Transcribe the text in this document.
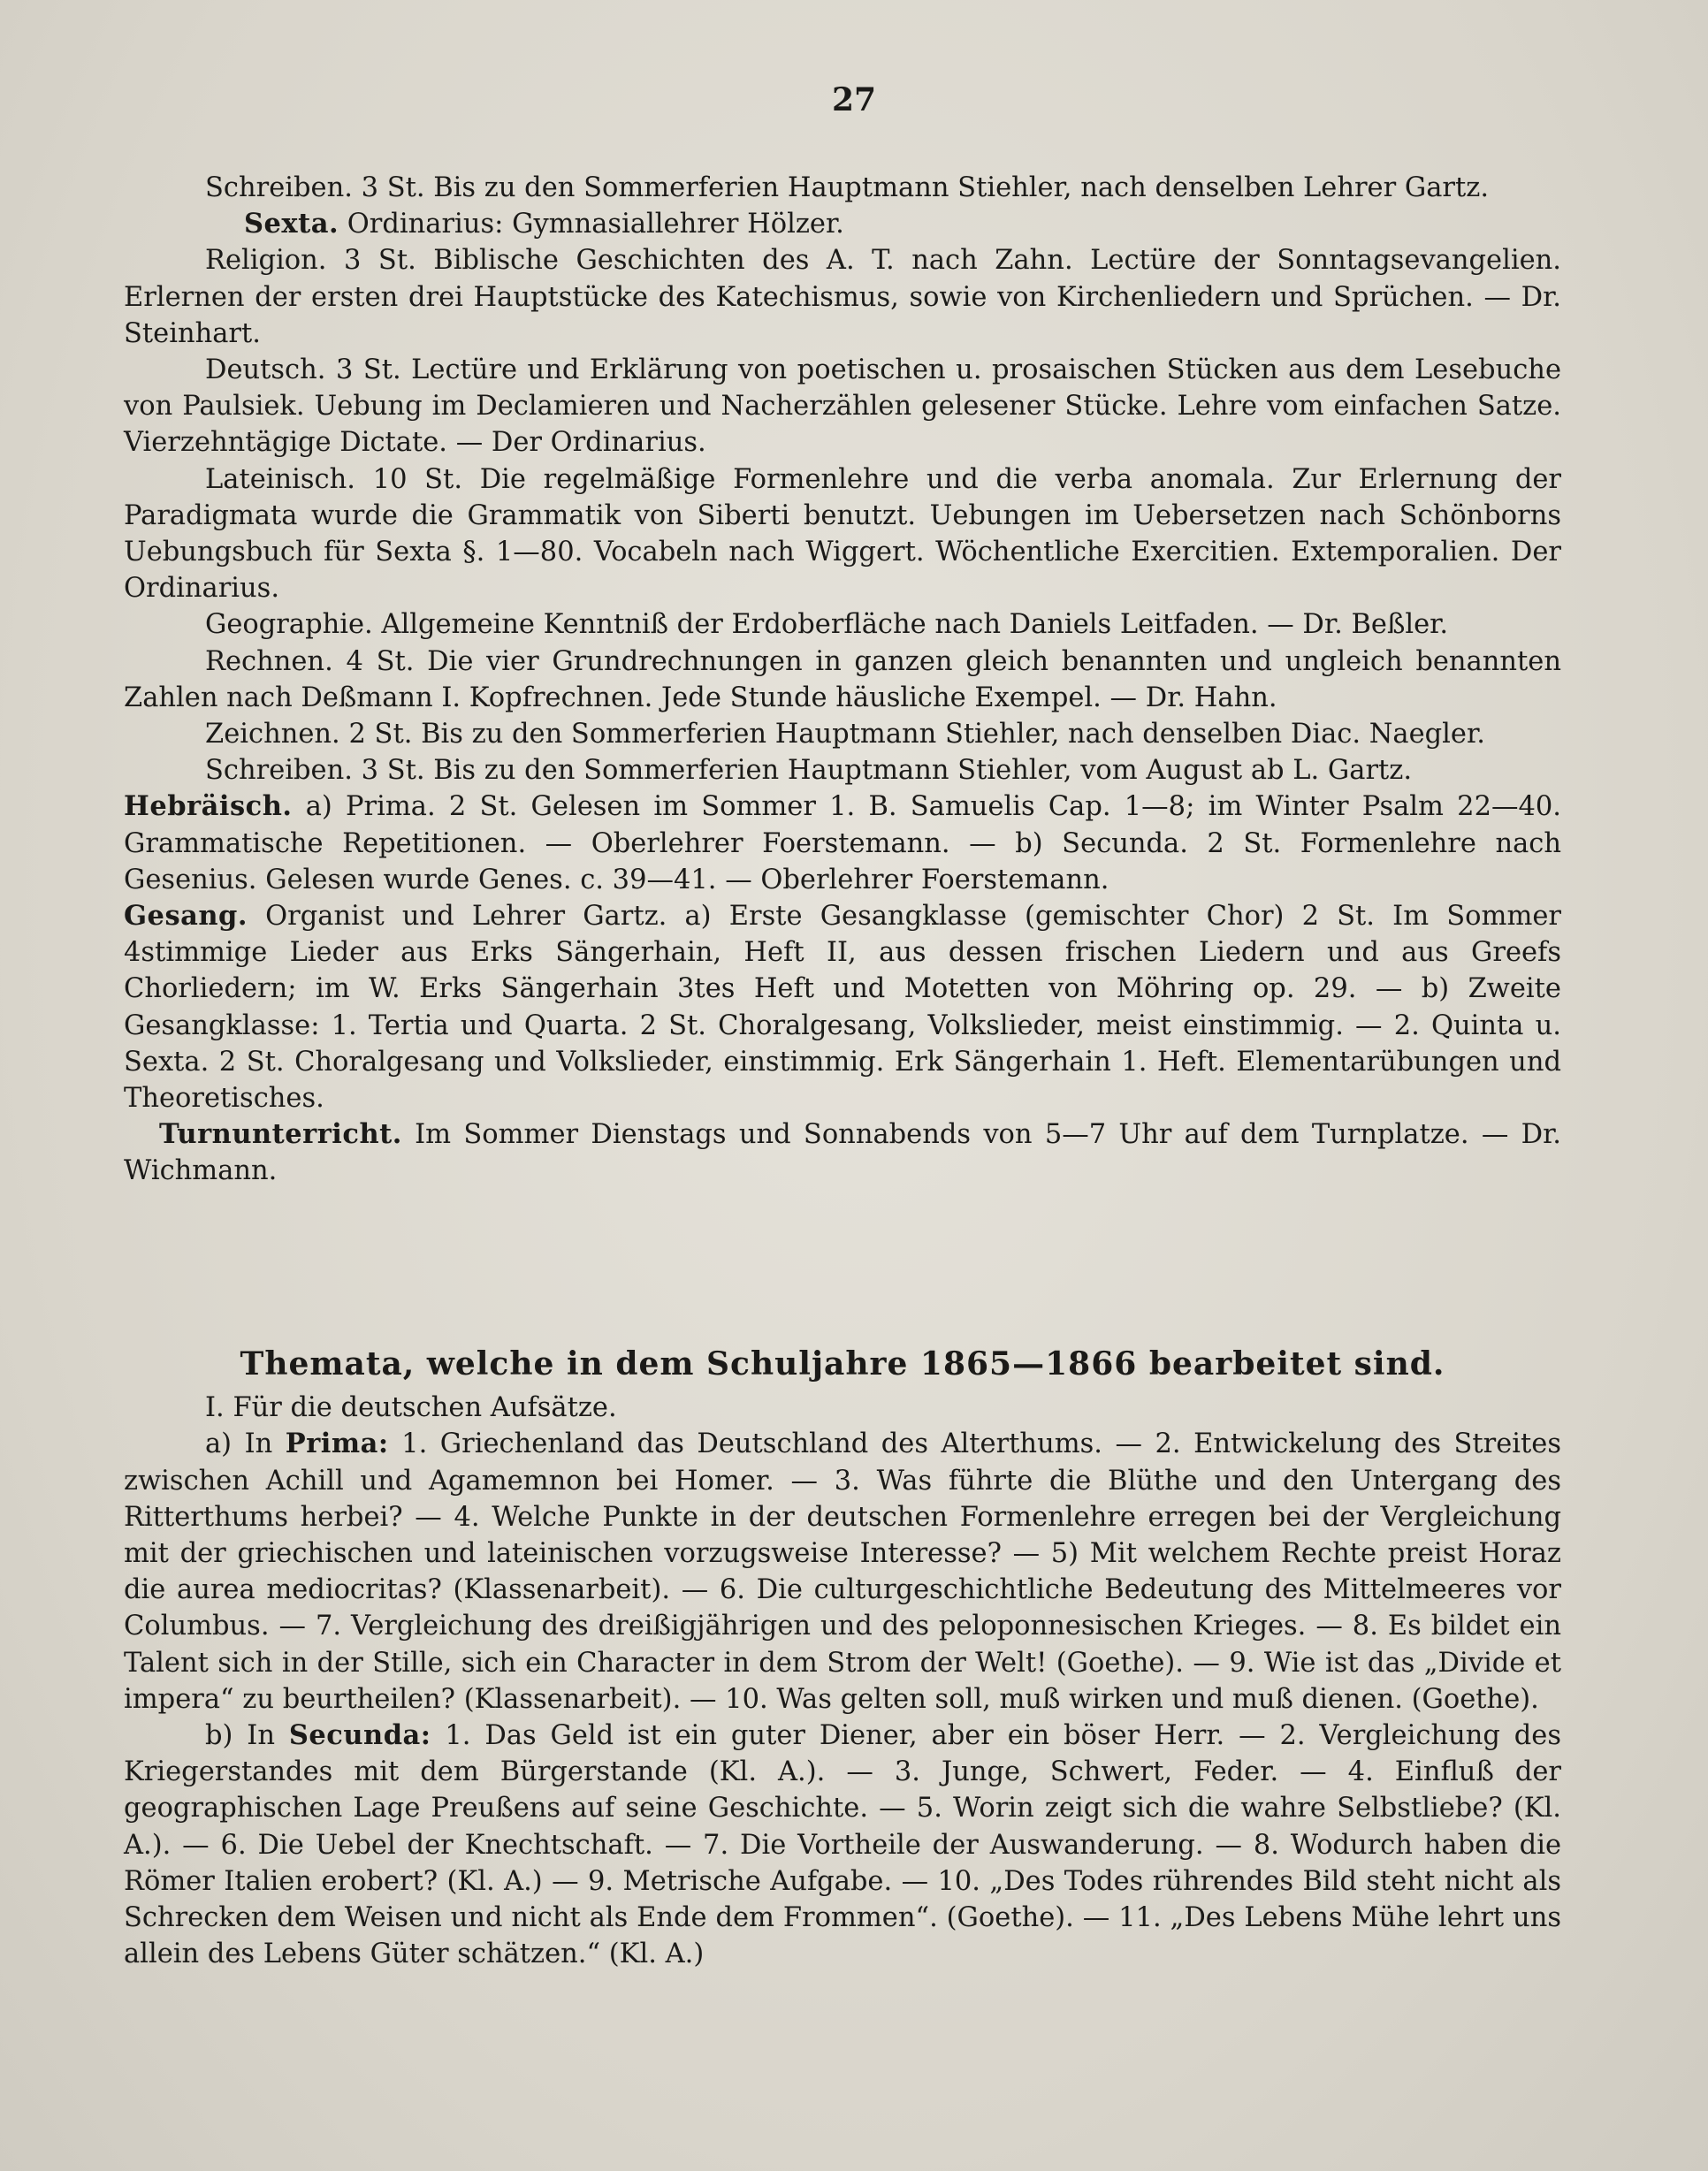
27

Schreiben. 3 St. Bis zu den Sommerferien Hauptmann Stiehler, nach denselben Lehrer Gartz.

Sexta. Ordinarius: Gymnasiallehrer Hölzer.

Religion. 3 St. Biblische Geschichten des A. T. nach Zahn. Lectüre der Sonntagsevangelien. Erlernen der ersten drei Hauptstücke des Katechismus, sowie von Kirchenliedern und Sprüchen. — Dr. Steinhart.

Deutsch. 3 St. Lectüre und Erklärung von poetischen u. prosaischen Stücken aus dem Lesebuche von Paulsiek. Uebung im Declamieren und Nacherzählen gelesener Stücke. Lehre vom einfachen Satze. Vierzehntägige Dictate. — Der Ordinarius.

Lateinisch. 10 St. Die regelmäßige Formenlehre und die verba anomala. Zur Erlernung der Paradigmata wurde die Grammatik von Siberti benutzt. Uebungen im Uebersetzen nach Schönborns Uebungsbuch für Sexta §. 1—80. Vocabeln nach Wiggert. Wöchentliche Exercitien. Extemporalien. Der Ordinarius.

Geographie. Allgemeine Kenntniß der Erdoberfläche nach Daniels Leitfaden. — Dr. Beßler.

Rechnen. 4 St. Die vier Grundrechnungen in ganzen gleich benannten und ungleich benannten Zahlen nach Deßmann I. Kopfrechnen. Jede Stunde häusliche Exempel. — Dr. Hahn.

Zeichnen. 2 St. Bis zu den Sommerferien Hauptmann Stiehler, nach denselben Diac. Naegler.

Schreiben. 3 St. Bis zu den Sommerferien Hauptmann Stiehler, vom August ab L. Gartz.

Hebräisch. a) Prima. 2 St. Gelesen im Sommer 1. B. Samuelis Cap. 1—8; im Winter Psalm 22—40. Grammatische Repetitionen. — Oberlehrer Foerstemann. — b) Secunda. 2 St. Formenlehre nach Gesenius. Gelesen wurde Genes. c. 39—41. — Oberlehrer Foerstemann.

Gesang. Organist und Lehrer Gartz. a) Erste Gesangklasse (gemischter Chor) 2 St. Im Sommer 4stimmige Lieder aus Erks Sängerhain, Heft II, aus dessen frischen Liedern und aus Greefs Chorliedern; im W. Erks Sängerhain 3tes Heft und Motetten von Möhring op. 29. — b) Zweite Gesangklasse: 1. Tertia und Quarta. 2 St. Choralgesang, Volkslieder, meist einstimmig. — 2. Quinta u. Sexta. 2 St. Choralgesang und Volkslieder, einstimmig. Erk Sängerhain 1. Heft. Elementarübungen und Theoretisches.

Turnunterricht. Im Sommer Dienstags und Sonnabends von 5—7 Uhr auf dem Turnplatze. — Dr. Wichmann.

Themata, welche in dem Schuljahre 1865—1866 bearbeitet sind.

I. Für die deutschen Aufsätze.

a) In Prima: 1. Griechenland das Deutschland des Alterthums. — 2. Entwickelung des Streites zwischen Achill und Agamemnon bei Homer. — 3. Was führte die Blüthe und den Untergang des Ritterthums herbei? — 4. Welche Punkte in der deutschen Formenlehre erregen bei der Vergleichung mit der griechischen und lateinischen vorzugsweise Interesse? — 5) Mit welchem Rechte preist Horaz die aurea mediocritas? (Klassenarbeit). — 6. Die culturgeschichtliche Bedeutung des Mittelmeeres vor Columbus. — 7. Vergleichung des dreißigjährigen und des peloponnesischen Krieges. — 8. Es bildet ein Talent sich in der Stille, sich ein Character in dem Strom der Welt! (Goethe). — 9. Wie ist das „Divide et impera“ zu beurtheilen? (Klassenarbeit). — 10. Was gelten soll, muß wirken und muß dienen. (Goethe).

b) In Secunda: 1. Das Geld ist ein guter Diener, aber ein böser Herr. — 2. Vergleichung des Kriegerstandes mit dem Bürgerstande (Kl. A.). — 3. Junge, Schwert, Feder. — 4. Einfluß der geographischen Lage Preußens auf seine Geschichte. — 5. Worin zeigt sich die wahre Selbstliebe? (Kl. A.). — 6. Die Uebel der Knechtschaft. — 7. Die Vortheile der Auswanderung. — 8. Wodurch haben die Römer Italien erobert? (Kl. A.) — 9. Metrische Aufgabe. — 10. „Des Todes rührendes Bild steht nicht als Schrecken dem Weisen und nicht als Ende dem Frommen“. (Goethe). — 11. „Des Lebens Mühe lehrt uns allein des Lebens Güter schätzen.“ (Kl. A.)
